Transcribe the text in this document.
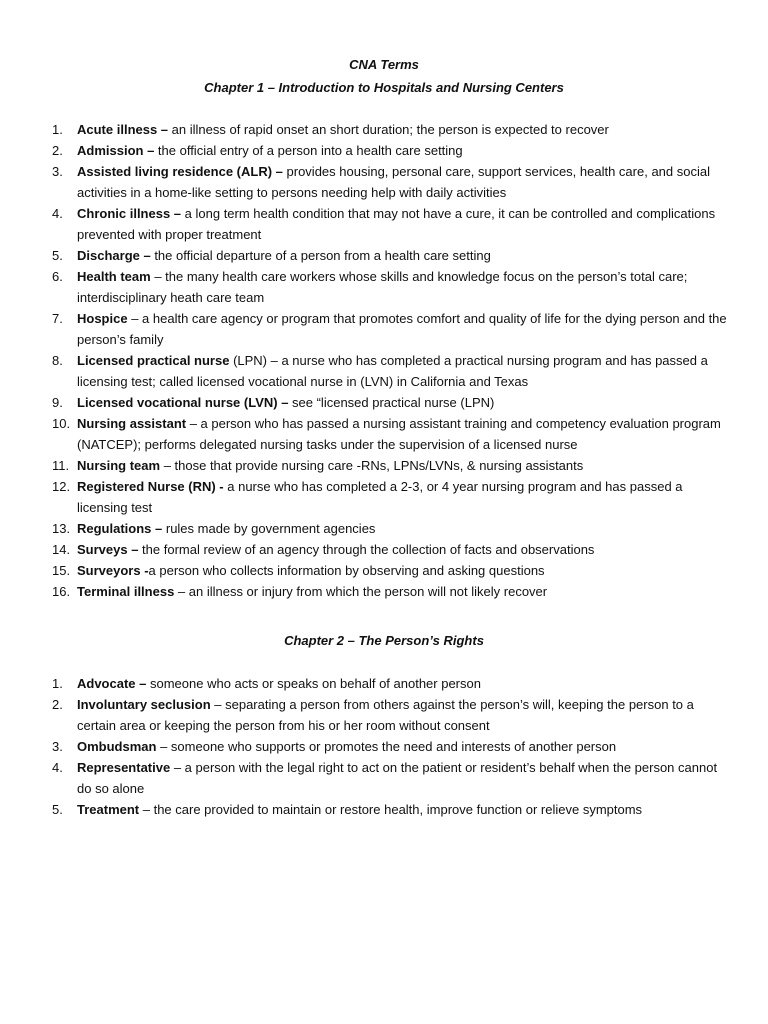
CNA Terms
Chapter 1 – Introduction to Hospitals and Nursing Centers
1. Acute illness – an illness of rapid onset an short duration; the person is expected to recover
2. Admission – the official entry of a person into a health care setting
3. Assisted living residence (ALR) – provides housing, personal care, support services, health care, and social activities in a home-like setting to persons needing help with daily activities
4. Chronic illness – a long term health condition that may not have a cure, it can be controlled and complications prevented with proper treatment
5. Discharge – the official departure of a person from a health care setting
6. Health team – the many health care workers whose skills and knowledge focus on the person’s total care; interdisciplinary heath care team
7. Hospice – a health care agency or program that promotes comfort and quality of life for the dying person and the person’s family
8. Licensed practical nurse (LPN) – a nurse who has completed a practical nursing program and has passed a licensing test; called licensed vocational nurse in (LVN) in California and Texas
9. Licensed vocational nurse (LVN) – see “licensed practical nurse (LPN)
10. Nursing assistant – a person who has passed a nursing assistant training and competency evaluation program (NATCEP); performs delegated nursing tasks under the supervision of a licensed nurse
11. Nursing team – those that provide nursing care -RNs, LPNs/LVNs, & nursing assistants
12. Registered Nurse (RN) - a nurse who has completed a 2-3, or 4 year nursing program and has passed a licensing test
13. Regulations – rules made by government agencies
14. Surveys – the formal review of an agency through the collection of facts and observations
15. Surveyors -a person who collects information by observing and asking questions
16. Terminal illness – an illness or injury from which the person will not likely recover
Chapter 2 – The Person’s Rights
1. Advocate – someone who acts or speaks on behalf of another person
2. Involuntary seclusion – separating a person from others against the person’s will, keeping the person to a certain area or keeping the person from his or her room without consent
3. Ombudsman – someone who supports or promotes the need and interests of another person
4. Representative – a person with the legal right to act on the patient or resident’s behalf when the person cannot do so alone
5. Treatment – the care provided to maintain or restore health, improve function or relieve symptoms
